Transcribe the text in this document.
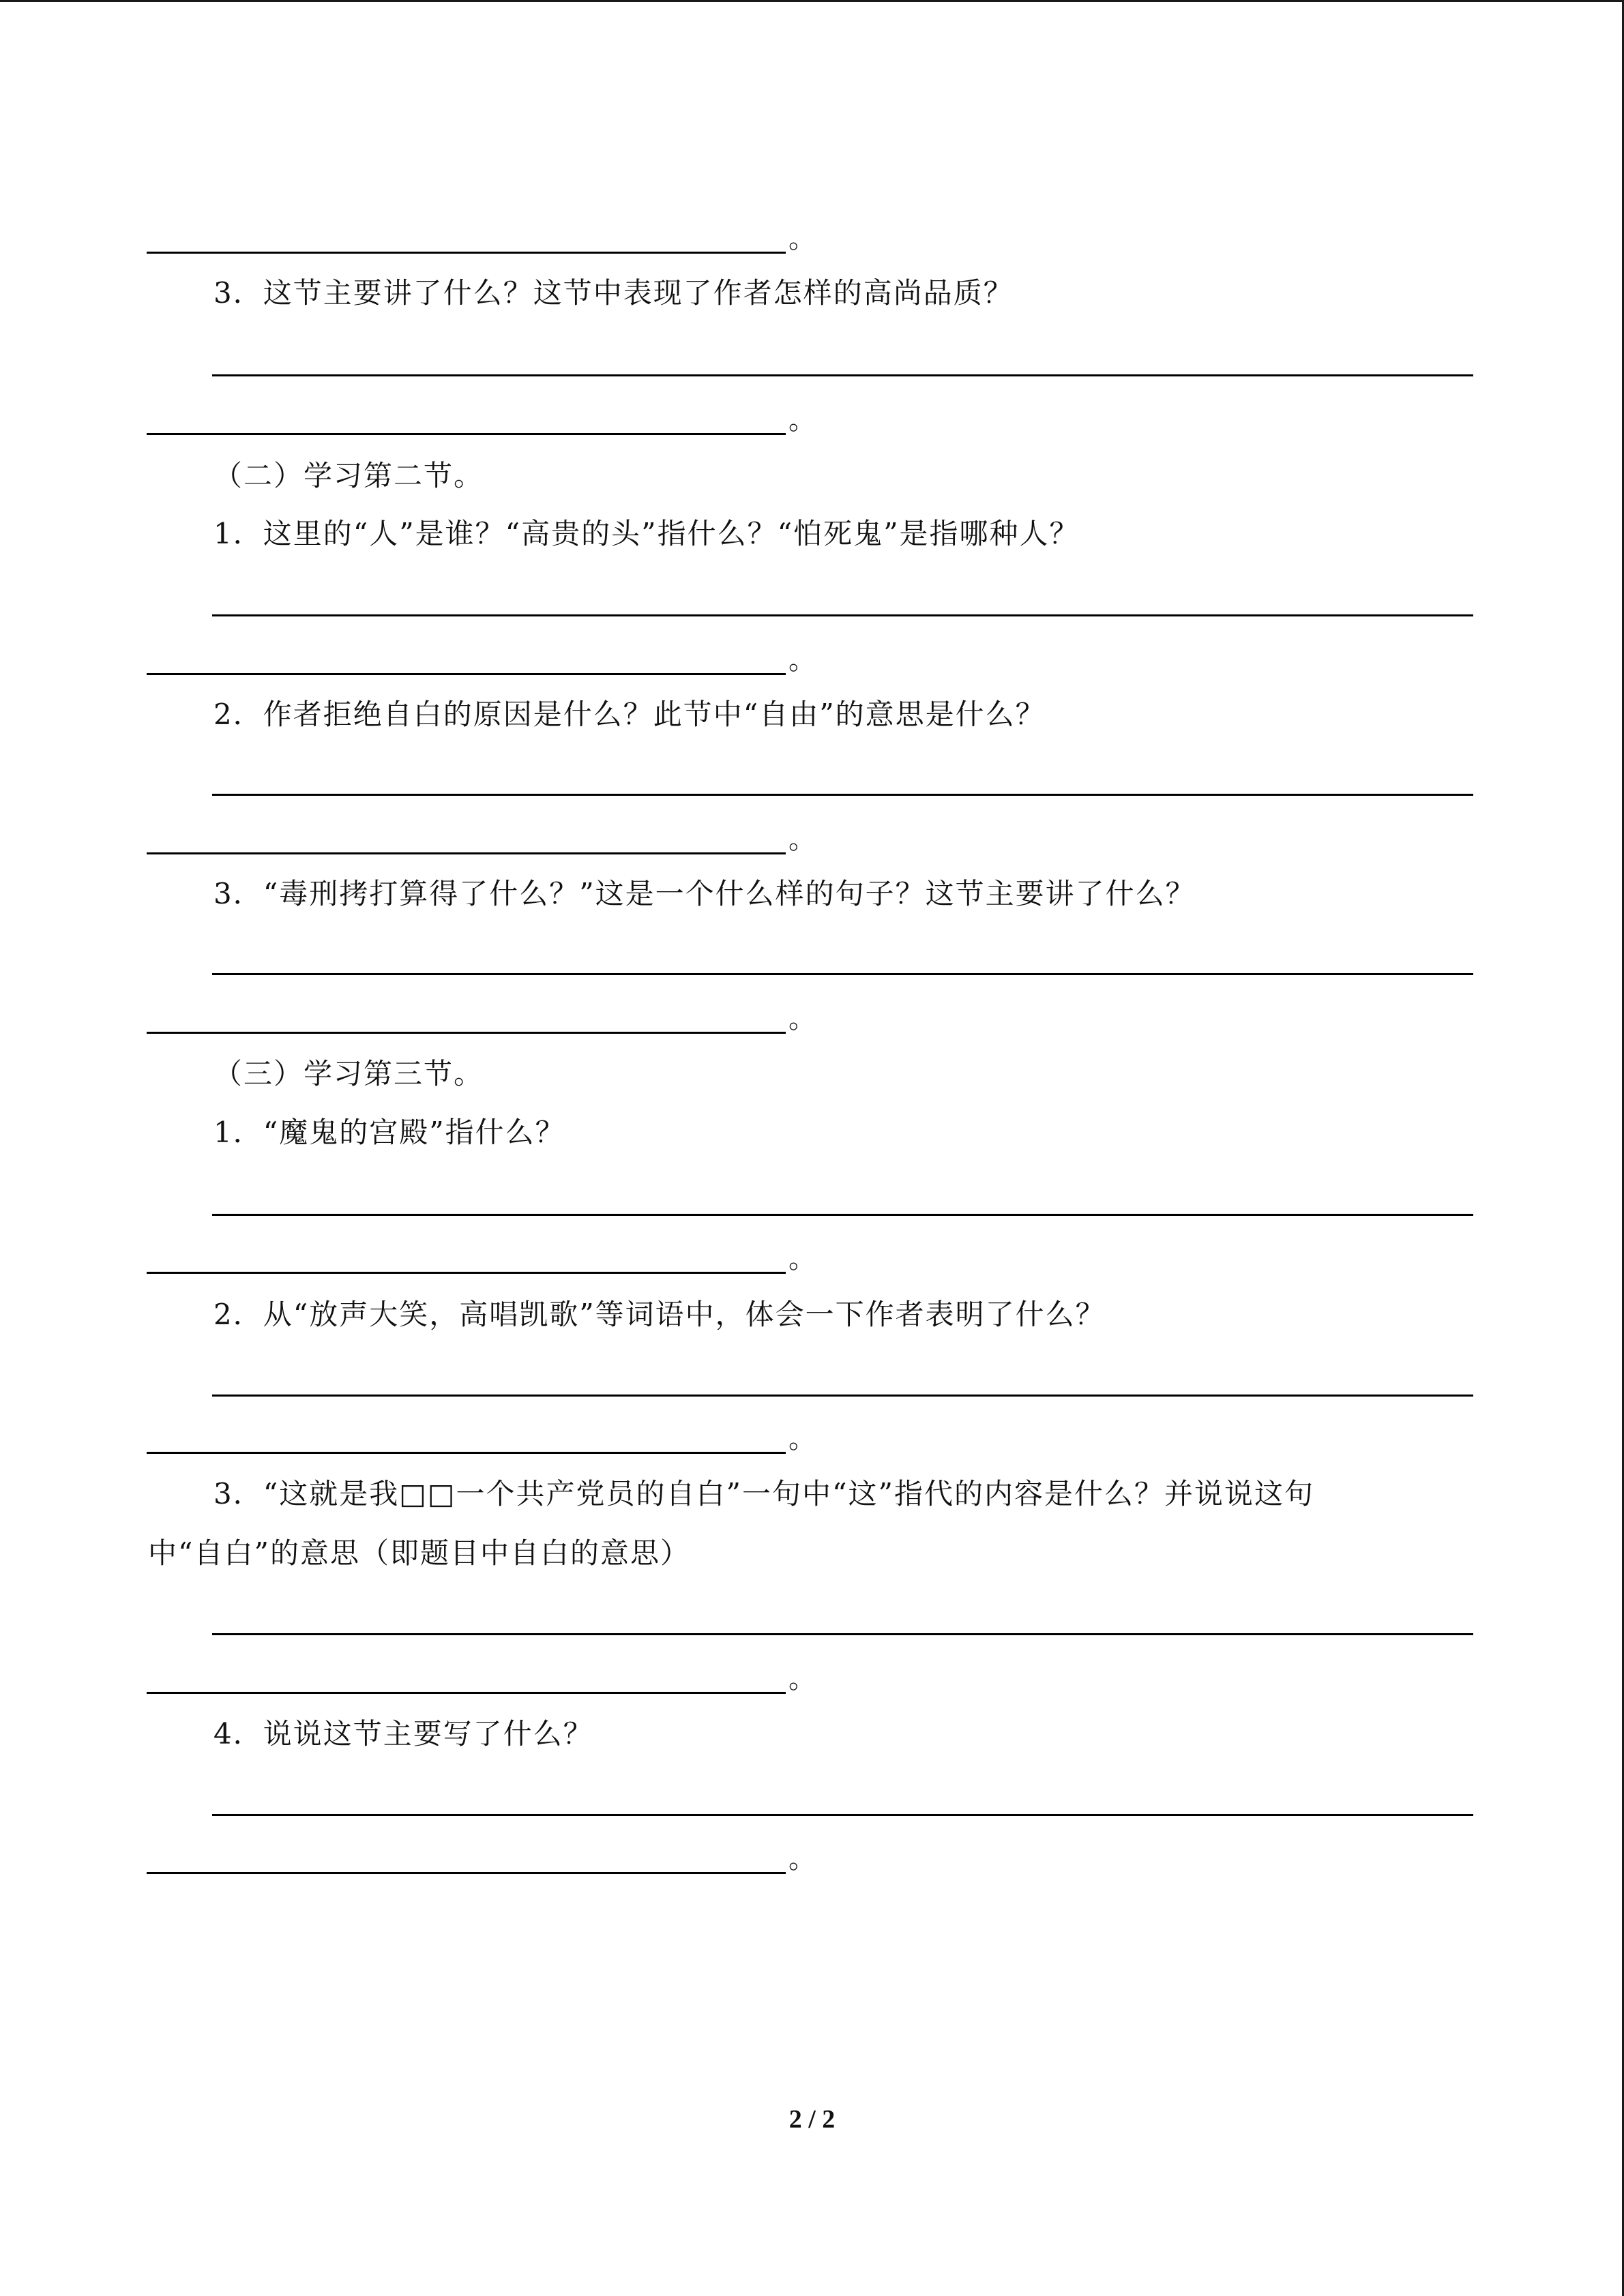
。
3．这节主要讲了什么？这节中表现了作者怎样的高尚品质？
。
（二）学习第二节。
1．这里的“人”是谁？“高贵的头”指什么？“怕死鬼”是指哪种人？
。
2．作者拒绝自白的原因是什么？此节中“自由”的意思是什么？
。
3．“毒刑拷打算得了什么？”这是一个什么样的句子？这节主要讲了什么？
。
（三）学习第三节。
1．“魔鬼的宫殿”指什么？
。
2．从“放声大笑，高唱凯歌”等词语中，体会一下作者表明了什么？
。
3．“这就是我□□一个共产党员的自白”一句中“这”指代的内容是什么？并说说这句
中“自白”的意思（即题目中自白的意思）
。
4．说说这节主要写了什么？
。
2 / 2
